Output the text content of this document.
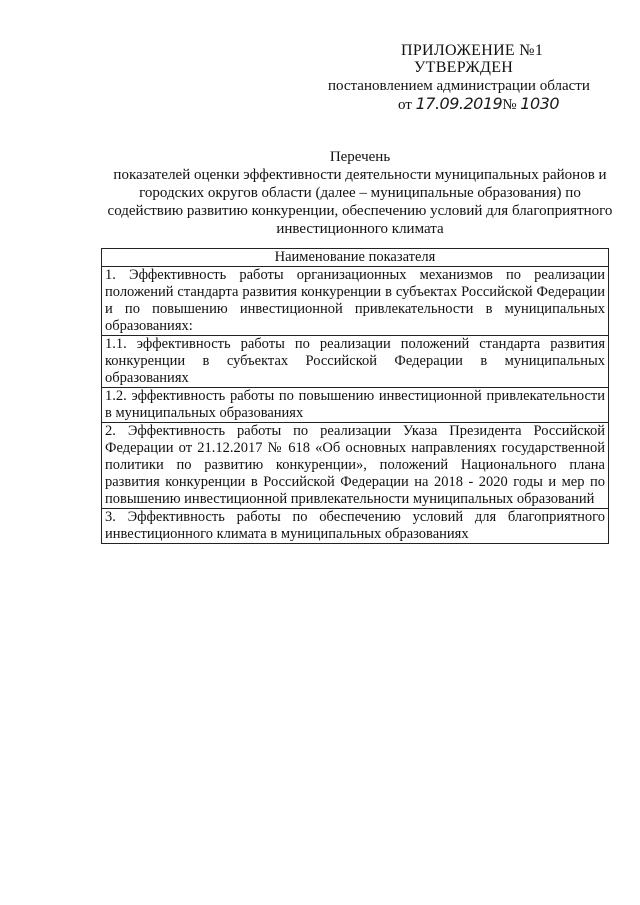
ПРИЛОЖЕНИЕ №1
УТВЕРЖДЕН
постановлением администрации области
от 17.09.2019№ 1030
Перечень
показателей оценки эффективности деятельности муниципальных районов и городских округов области (далее – муниципальные образования) по содействию развитию конкуренции, обеспечению условий для благоприятного инвестиционного климата
Наименование показателя
1. Эффективность работы организационных механизмов по реализации положений стандарта развития конкуренции в субъектах Российской Федерации и по повышению инвестиционной привлекательности в муниципальных образованиях:
1.1. эффективность работы по реализации положений стандарта развития конкуренции в субъектах Российской Федерации в муниципальных образованиях
1.2. эффективность работы по повышению инвестиционной привлекательности в муниципальных образованиях
2. Эффективность работы по реализации Указа Президента Российской Федерации от 21.12.2017 № 618 «Об основных направлениях государственной политики по развитию конкуренции», положений Национального плана развития конкуренции в Российской Федерации на 2018 - 2020 годы и мер по повышению инвестиционной привлекательности муниципальных образований
3. Эффективность работы по обеспечению условий для благоприятного инвестиционного климата в муниципальных образованиях
